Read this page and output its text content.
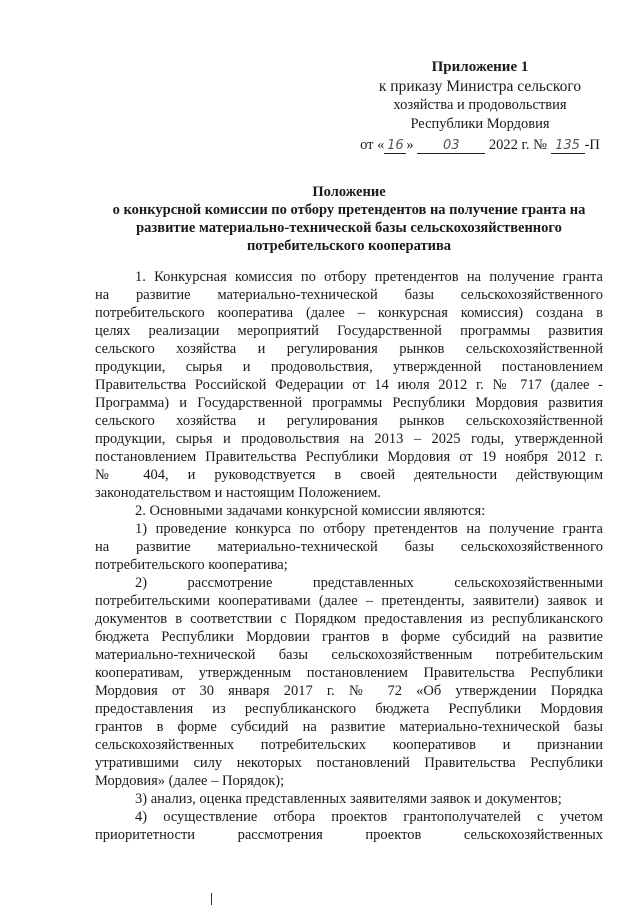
Приложение 1
к приказу Министра сельского
хозяйства и продовольствия
Республики Мордовия
от « 16 » 03 2022 г. № 135 -П
Положение
о конкурсной комиссии по отбору претендентов на получение гранта на
развитие материально-технической базы сельскохозяйственного
потребительского кооператива

1. Конкурсная комиссия по отбору претендентов на получение гранта

на развитие материально-технической базы сельскохозяйственного

потребительского кооператива (далее – конкурсная комиссия) создана в

целях реализации мероприятий Государственной программы развития

сельского хозяйства и регулирования рынков сельскохозяйственной

продукции, сырья и продовольствия, утвержденной постановлением

Правительства Российской Федерации от 14 июля 2012 г. № 717 (далее -

Программа) и Государственной программы Республики Мордовия развития

сельского хозяйства и регулирования рынков сельскохозяйственной

продукции, сырья и продовольствия на 2013 – 2025 годы, утвержденной

постановлением Правительства Республики Мордовия от 19 ноября 2012 г.

№ 404, и руководствуется в своей деятельности действующим

законодательством и настоящим Положением.

2. Основными задачами конкурсной комиссии являются:

1) проведение конкурса по отбору претендентов на получение гранта

на развитие материально-технической базы сельскохозяйственного

потребительского кооператива;

2) рассмотрение представленных сельскохозяйственными

потребительскими кооперативами (далее – претенденты, заявители) заявок и

документов в соответствии с Порядком предоставления из республиканского

бюджета Республики Мордовии грантов в форме субсидий на развитие

материально-технической базы сельскохозяйственным потребительским

кооперативам, утвержденным постановлением Правительства Республики

Мордовия от 30 января 2017 г. № 72 «Об утверждении Порядка

предоставления из республиканского бюджета Республики Мордовия

грантов в форме субсидий на развитие материально-технической базы

сельскохозяйственных потребительских кооперативов и признании

утратившими силу некоторых постановлений Правительства Республики

Мордовия» (далее – Порядок);

3) анализ, оценка представленных заявителями заявок и документов;

4) осуществление отбора проектов грантополучателей с учетом

приоритетности рассмотрения проектов сельскохозяйственных
